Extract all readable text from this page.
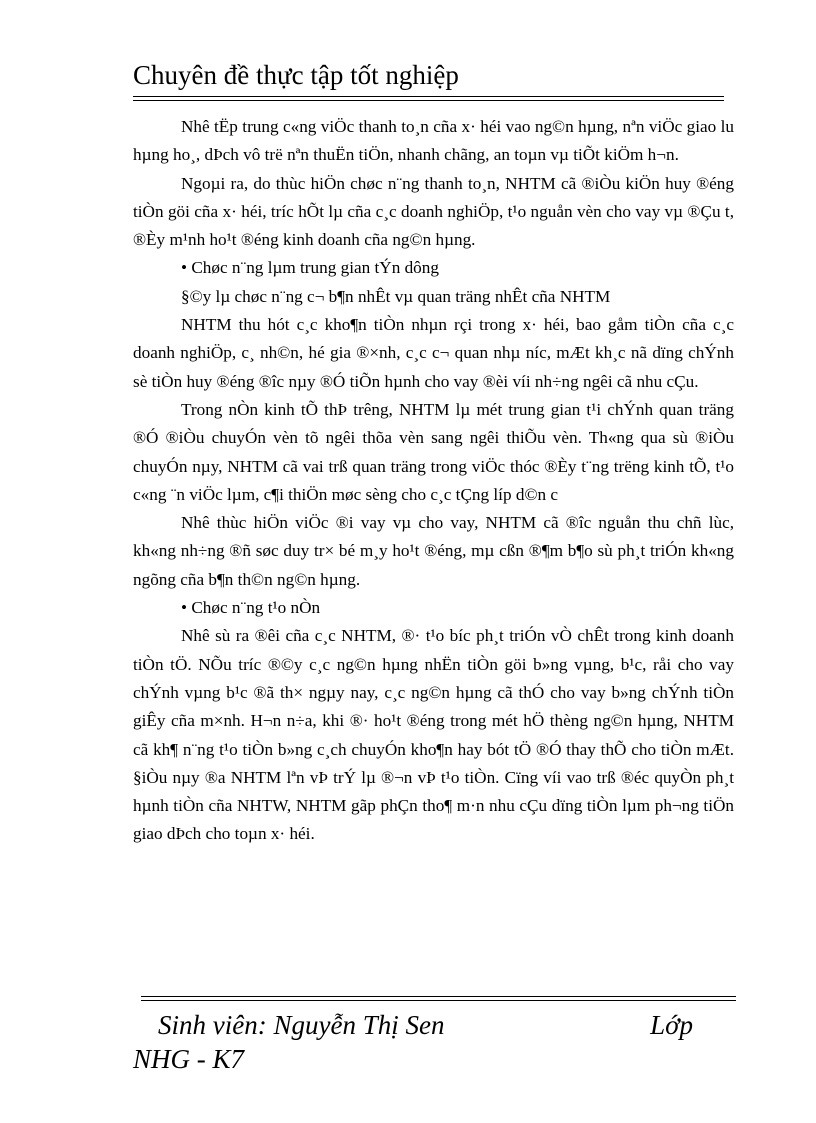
Chuyên đề thực tập tốt nghiệp

Nhê tËp trung c«ng viÖc thanh to¸n cña x· héi vao ng©n hµng, nªn viÖc giao lu hµng ho¸, dÞch vô trë nªn thuËn tiÖn, nhanh chãng, an toµn vµ tiÕt kiÖm h¬n.

Ngoµi ra, do thùc hiÖn chøc n¨ng thanh to¸n, NHTM cã ®iÒu kiÖn huy ®éng tiÒn göi cña x· héi, tríc hÕt lµ cña c¸c doanh nghiÖp, t¹o nguån vèn cho vay vµ ®Çu t, ®Èy m¹nh ho¹t ®éng kinh doanh cña ng©n hµng.

• Chøc n¨ng lµm trung gian tÝn dông

§©y lµ chøc n¨ng c¬ b¶n nhÊt vµ quan träng nhÊt cña NHTM

NHTM thu hót c¸c kho¶n tiÒn nhµn rçi trong x· héi, bao gåm tiÒn cña c¸c doanh nghiÖp, c¸ nh©n, hé gia ®×nh, c¸c c¬ quan nhµ níc, mÆt kh¸c nã dïng chÝnh sè tiÒn huy ®éng ®îc nµy ®Ó tiÕn hµnh cho vay ®èi víi nh÷ng ngêi cã nhu cÇu.

Trong nÒn kinh tÕ thÞ trêng, NHTM lµ mét trung gian t¹i chÝnh quan träng ®Ó ®iÒu chuyÓn vèn tõ ngêi thõa vèn sang ngêi thiÕu vèn. Th«ng qua sù ®iÒu chuyÓn nµy, NHTM cã vai trß quan träng trong viÖc thóc ®Èy t¨ng trëng kinh tÕ, t¹o c«ng ¨n viÖc lµm, c¶i thiÖn møc sèng cho c¸c tÇng líp d©n c

Nhê thùc hiÖn viÖc ®i vay vµ cho vay, NHTM cã ®îc nguån thu chñ lùc, kh«ng nh÷ng ®ñ søc duy tr× bé m¸y ho¹t ®éng, mµ cßn ®¶m b¶o sù ph¸t triÓn kh«ng ngõng cña b¶n th©n ng©n hµng.

• Chøc n¨ng t¹o nÒn

Nhê sù ra ®êi cña c¸c NHTM, ®· t¹o bíc ph¸t triÓn vÒ chÊt trong kinh doanh tiÒn tÖ. NÕu tríc ®©y c¸c ng©n hµng nhËn tiÒn göi b»ng vµng, b¹c, råi cho vay chÝnh vµng b¹c ®ã th× ngµy nay, c¸c ng©n hµng cã thÓ cho vay b»ng chÝnh tiÒn giÊy cña m×nh. H¬n n÷a, khi ®· ho¹t ®éng trong mét hÖ thèng ng©n hµng, NHTM cã kh¶ n¨ng t¹o tiÒn b»ng c¸ch chuyÓn kho¶n hay bót tÖ ®Ó thay thÕ cho tiÒn mÆt. §iÒu nµy ®a NHTM lªn vÞ trÝ lµ ®¬n vÞ t¹o tiÒn. Cïng víi vao trß ®éc quyÒn ph¸t hµnh tiÒn cña NHTW, NHTM gãp phÇn tho¶ m·n nhu cÇu dïng tiÒn lµm ph¬ng tiÖn giao dÞch cho toµn x· héi.

Sinh viên: Nguyễn Thị Sen	Lớp
NHG - K7
